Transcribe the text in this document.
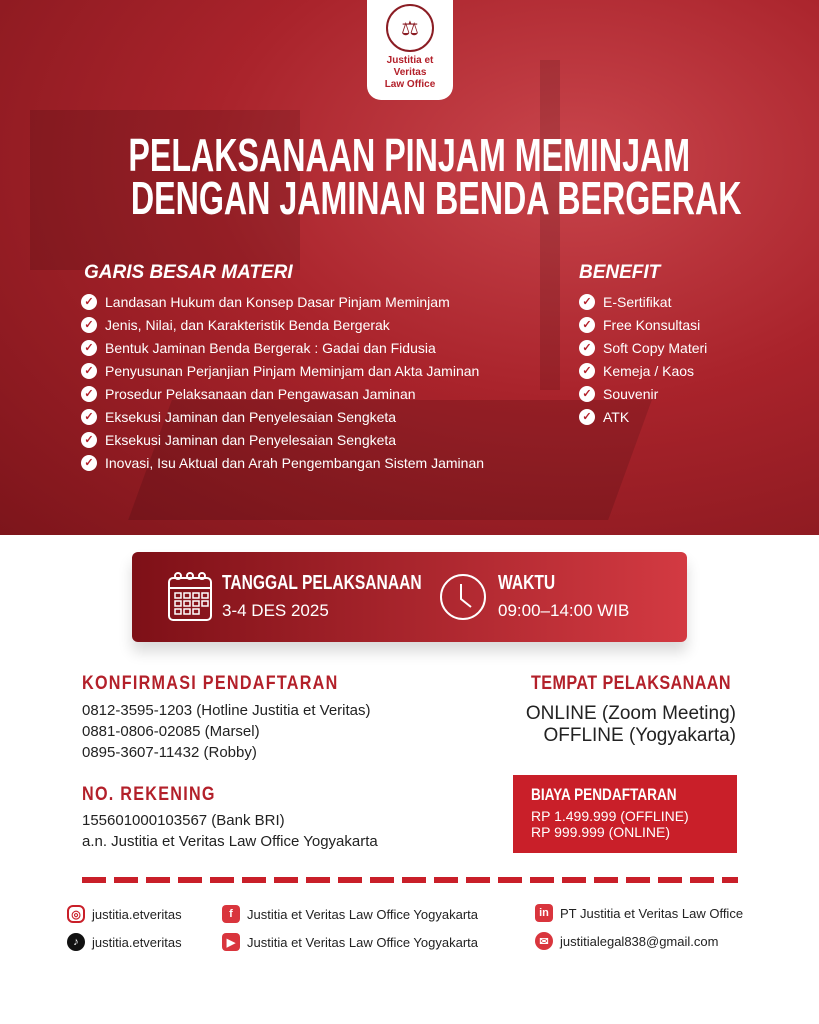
⚖
Justitia et
Veritas
Law Office
PELAKSANAAN PINJAM MEMINJAM
DENGAN JAMINAN BENDA BERGERAK
GARIS BESAR MATERI
✓ Landasan Hukum dan Konsep Dasar Pinjam Meminjam
✓ Jenis, Nilai, dan Karakteristik Benda Bergerak
✓ Bentuk Jaminan Benda Bergerak : Gadai dan Fidusia
✓ Penyusunan Perjanjian Pinjam Meminjam dan Akta Jaminan
✓ Prosedur Pelaksanaan dan Pengawasan Jaminan
✓ Eksekusi Jaminan dan Penyelesaian Sengketa
✓ Eksekusi Jaminan dan Penyelesaian Sengketa
✓ Inovasi, Isu Aktual dan Arah Pengembangan Sistem Jaminan
BENEFIT
✓ E-Sertifikat
✓ Free Konsultasi
✓ Soft Copy Materi
✓ Kemeja / Kaos
✓ Souvenir
✓ ATK
TANGGAL PELAKSANAAN
3-4 DES 2025
WAKTU
09:00–14:00 WIB
KONFIRMASI PENDAFTARAN
0812-3595-1203 (Hotline Justitia et Veritas)
0881-0806-02085 (Marsel)
0895-3607-11432 (Robby)
NO. REKENING
155601000103567 (Bank BRI)
a.n. Justitia et Veritas Law Office Yogyakarta
TEMPAT PELAKSANAAN
ONLINE (Zoom Meeting)
OFFLINE (Yogyakarta)
BIAYA PENDAFTARAN
RP 1.499.999 (OFFLINE)
RP 999.999 (ONLINE)
◎ justitia.etveritas
♪	justitia.etveritas
f	Justitia et Veritas Law Office Yogyakarta
▶ Justitia et Veritas Law Office Yogyakarta
in PT Justitia et Veritas Law Office
✉ justitialegal838@gmail.com
